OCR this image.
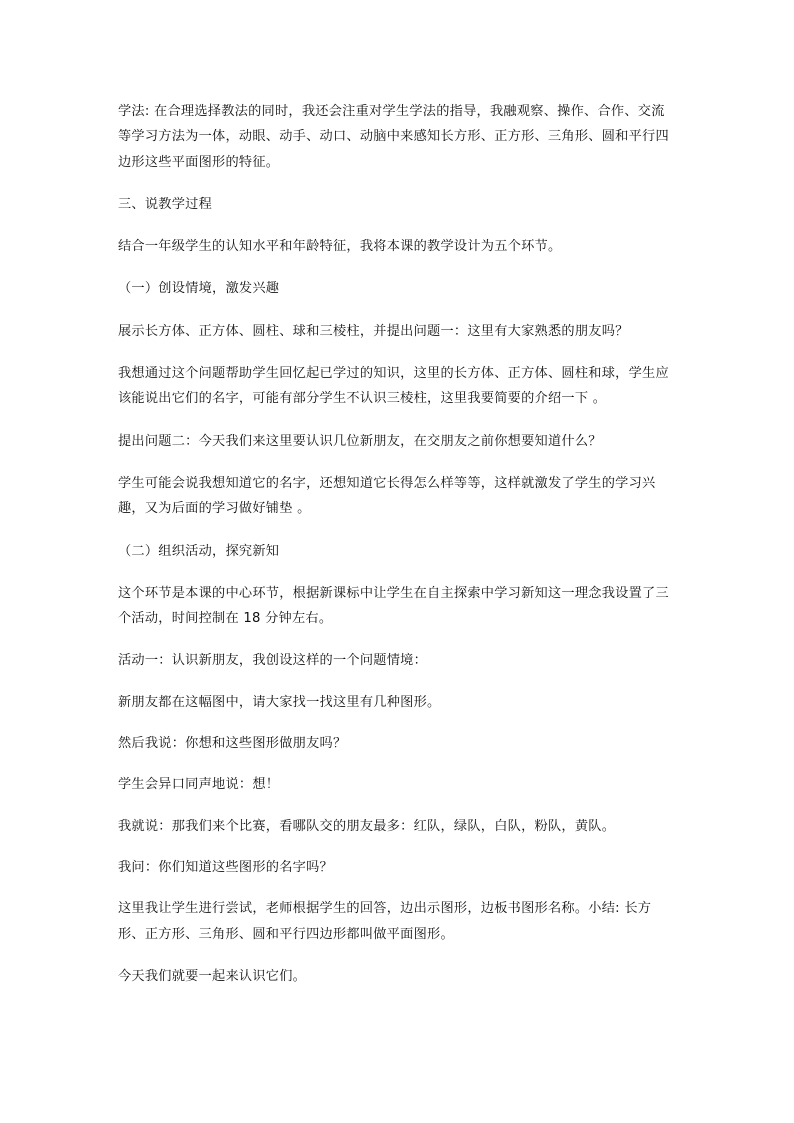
学法: 在合理选择教法的同时，我还会注重对学生学法的指导，我融观察、操作、合作、交流等学习方法为一体，动眼、动手、动口、动脑中来感知长方形、正方形、三角形、圆和平行四边形这些平面图形的特征。

三、说教学过程

结合一年级学生的认知水平和年龄特征，我将本课的教学设计为五个环节。

（一）创设情境，激发兴趣

展示长方体、正方体、圆柱、球和三棱柱，并提出问题一：这里有大家熟悉的朋友吗？

我想通过这个问题帮助学生回忆起已学过的知识，这里的长方体、正方体、圆柱和球，学生应该能说出它们的名字，可能有部分学生不认识三棱柱，这里我要简要的介绍一下 。

提出问题二：今天我们来这里要认识几位新朋友，在交朋友之前你想要知道什么？

学生可能会说我想知道它的名字，还想知道它长得怎么样等等，这样就激发了学生的学习兴趣，又为后面的学习做好铺垫 。

（二）组织活动，探究新知

这个环节是本课的中心环节，根据新课标中让学生在自主探索中学习新知这一理念我设置了三个活动，时间控制在 18 分钟左右。

活动一：认识新朋友，我创设这样的一个问题情境：

新朋友都在这幅图中，请大家找一找这里有几种图形。

然后我说：你想和这些图形做朋友吗？

学生会异口同声地说：想！

我就说：那我们来个比赛，看哪队交的朋友最多：红队，绿队，白队，粉队，黄队。

我问：你们知道这些图形的名字吗？

这里我让学生进行尝试，老师根据学生的回答，边出示图形，边板书图形名称。小结: 长方形、正方形、三角形、圆和平行四边形都叫做平面图形。

今天我们就要一起来认识它们。
